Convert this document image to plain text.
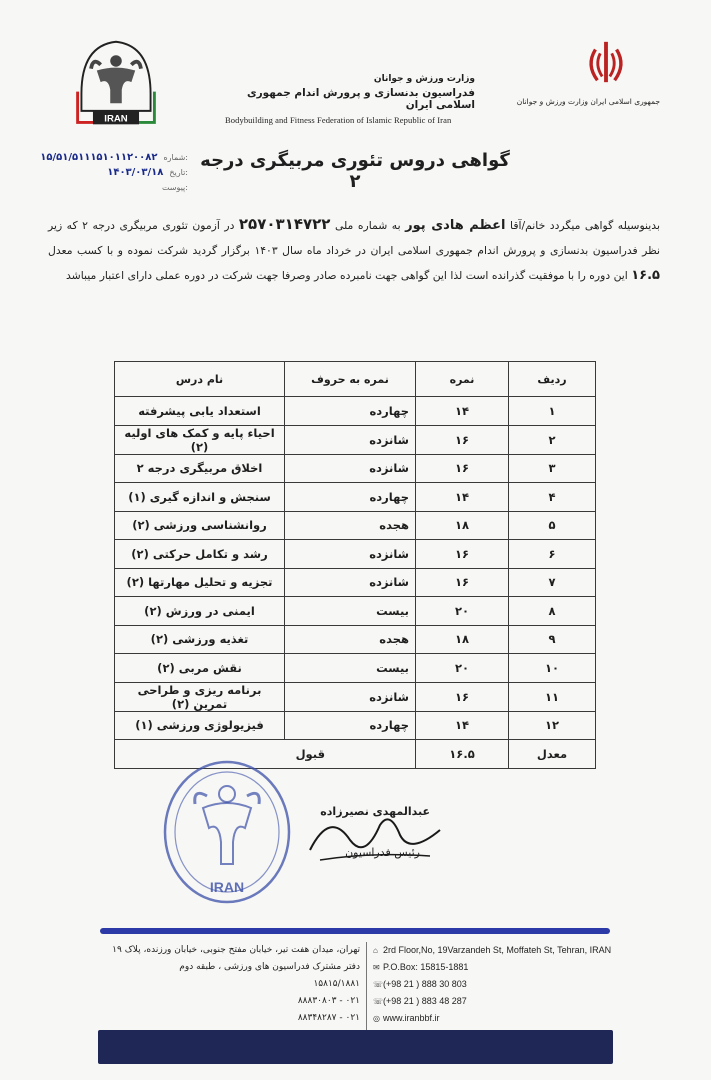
IRAN
جمهوری اسلامی ایران وزارت ورزش و جوانان
وزارت ورزش و جوانان
فدراسیون بدنسازی و پرورش اندام جمهوری اسلامی ایران
Bodybuilding and Fitness Federation of Islamic Republic of Iran
۱۵/۵۱/۵۱۱۱۵۱۰۱۱۲۰۰۸۲ شماره:
۱۴۰۳/۰۳/۱۸ تاریخ:
پیوست:
گواهی دروس تئوری مربیگری درجه ۲
بدینوسیله گواهی میگردد خانم/آقا اعظم هادی پور به شماره ملی ۲۵۷۰۳۱۴۷۲۲ در آزمون تئوری مربیگری درجه ۲ که زیر نظر فدراسیون بدنسازی و پرورش اندام جمهوری اسلامی ایران در خرداد ماه سال ۱۴۰۳ برگزار گردید شرکت نموده و با کسب معدل ۱۶.۵ این دوره را با موفقیت گذرانده است لذا این گواهی جهت نامبرده صادر وصرفا جهت شرکت در دوره عملی دارای اعتبار میباشد
ردیف	نمره	نمره به حروف	نام درس
۱	۱۴	چهارده	استعداد یابی پیشرفته
۲	۱۶	شانزده	احیاء پایه و کمک های اولیه (۲)
۳	۱۶	شانزده	اخلاق مربیگری درجه ۲
۴	۱۴	چهارده	سنجش و اندازه گیری (۱)
۵	۱۸	هجده	روانشناسی ورزشی (۲)
۶	۱۶	شانزده	رشد و تکامل حرکتی (۲)
۷	۱۶	شانزده	تجزیه و تحلیل مهارتها (۲)
۸	۲۰	بیست	ایمنی در ورزش (۲)
۹	۱۸	هجده	تغذیه ورزشی (۲)
۱۰	۲۰	بیست	نقش مربی (۲)
۱۱	۱۶	شانزده	برنامه ریزی و طراحی تمرین (۲)
۱۲	۱۴	چهارده	فیزیولوژی ورزشی (۱)
معدل	۱۶.۵	قبول	
IRAN
عبدالمهدی نصیرزاده
رئیس فدراسیون
تهران، میدان هفت تیر، خیابان مفتح جنوبی، خیابان ورزنده، پلاک ۱۹
دفتر مشترک فدراسیون های ورزشی ، طبقه دوم
۱۵۸۱۵/۱۸۸۱
۰۲۱ - ۸۸۸۳۰۸۰۳
۰۲۱ - ۸۸۳۴۸۲۸۷
⌂ 2rd Floor,No, 19Varzandeh St, Moffateh St, Tehran, IRAN
✉ P.O.Box: 15815-1881
☏(+98 21 ) 888 30 803
☏(+98 21 ) 883 48 287
◎ www.iranbbf.ir
